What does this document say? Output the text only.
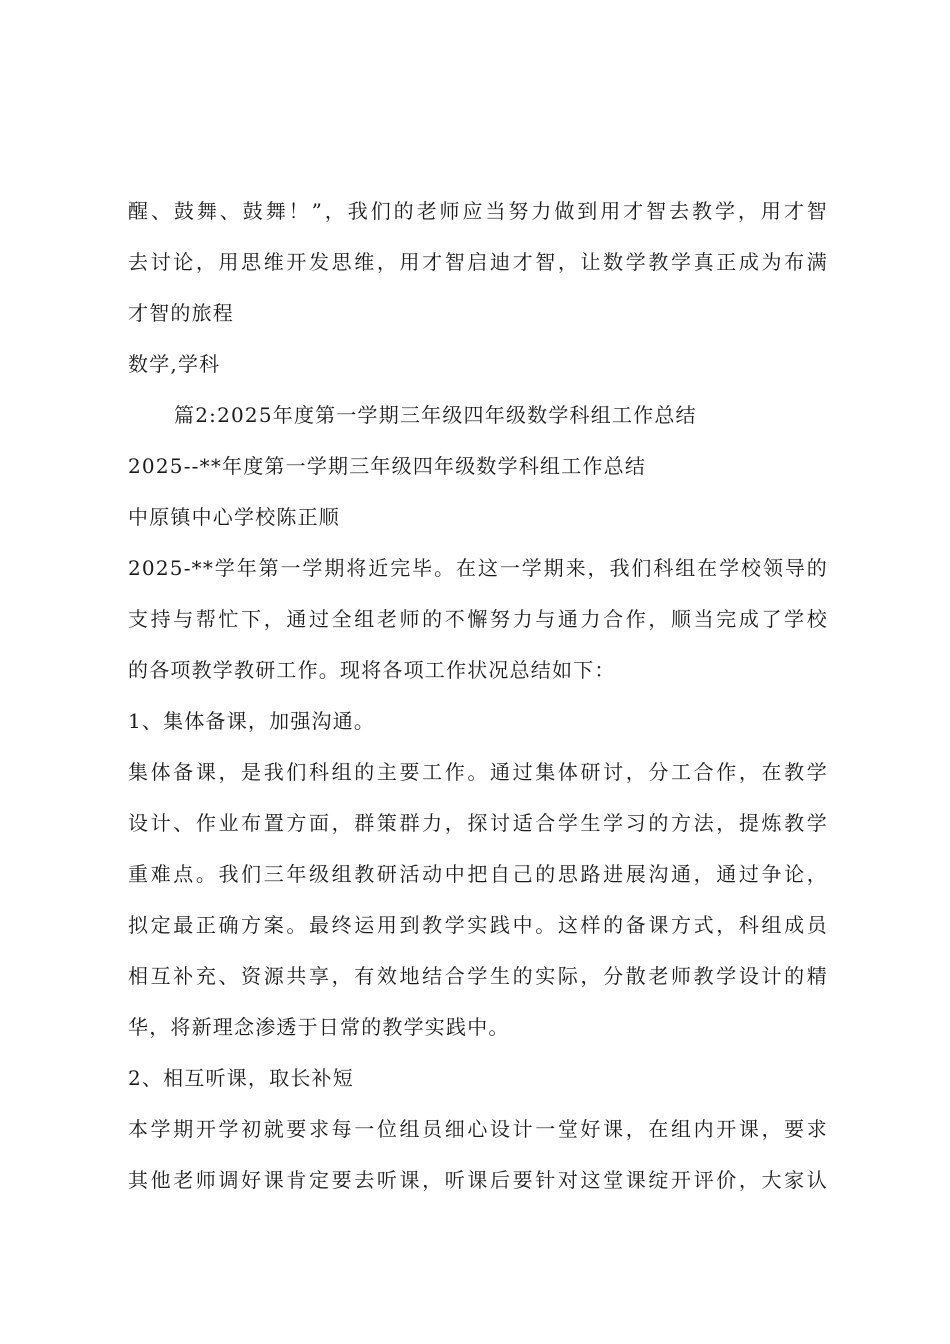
醒、鼓舞、鼓舞！”，我们的老师应当努力做到用才智去教学，用才智
去讨论，用思维开发思维，用才智启迪才智，让数学教学真正成为布满
才智的旅程
数学,学科
篇2:2025年度第一学期三年级四年级数学科组工作总结
2025--**年度第一学期三年级四年级数学科组工作总结
中原镇中心学校陈正顺
2025-**学年第一学期将近完毕。在这一学期来，我们科组在学校领导的
支持与帮忙下，通过全组老师的不懈努力与通力合作，顺当完成了学校
的各项教学教研工作。现将各项工作状况总结如下：
1、集体备课，加强沟通。
集体备课，是我们科组的主要工作。通过集体研讨，分工合作，在教学
设计、作业布置方面，群策群力，探讨适合学生学习的方法，提炼教学
重难点。我们三年级组教研活动中把自己的思路进展沟通，通过争论，
拟定最正确方案。最终运用到教学实践中。这样的备课方式，科组成员
相互补充、资源共享，有效地结合学生的实际，分散老师教学设计的精
华，将新理念渗透于日常的教学实践中。
2、相互听课，取长补短
本学期开学初就要求每一位组员细心设计一堂好课，在组内开课，要求
其他老师调好课肯定要去听课，听课后要针对这堂课绽开评价，大家认
